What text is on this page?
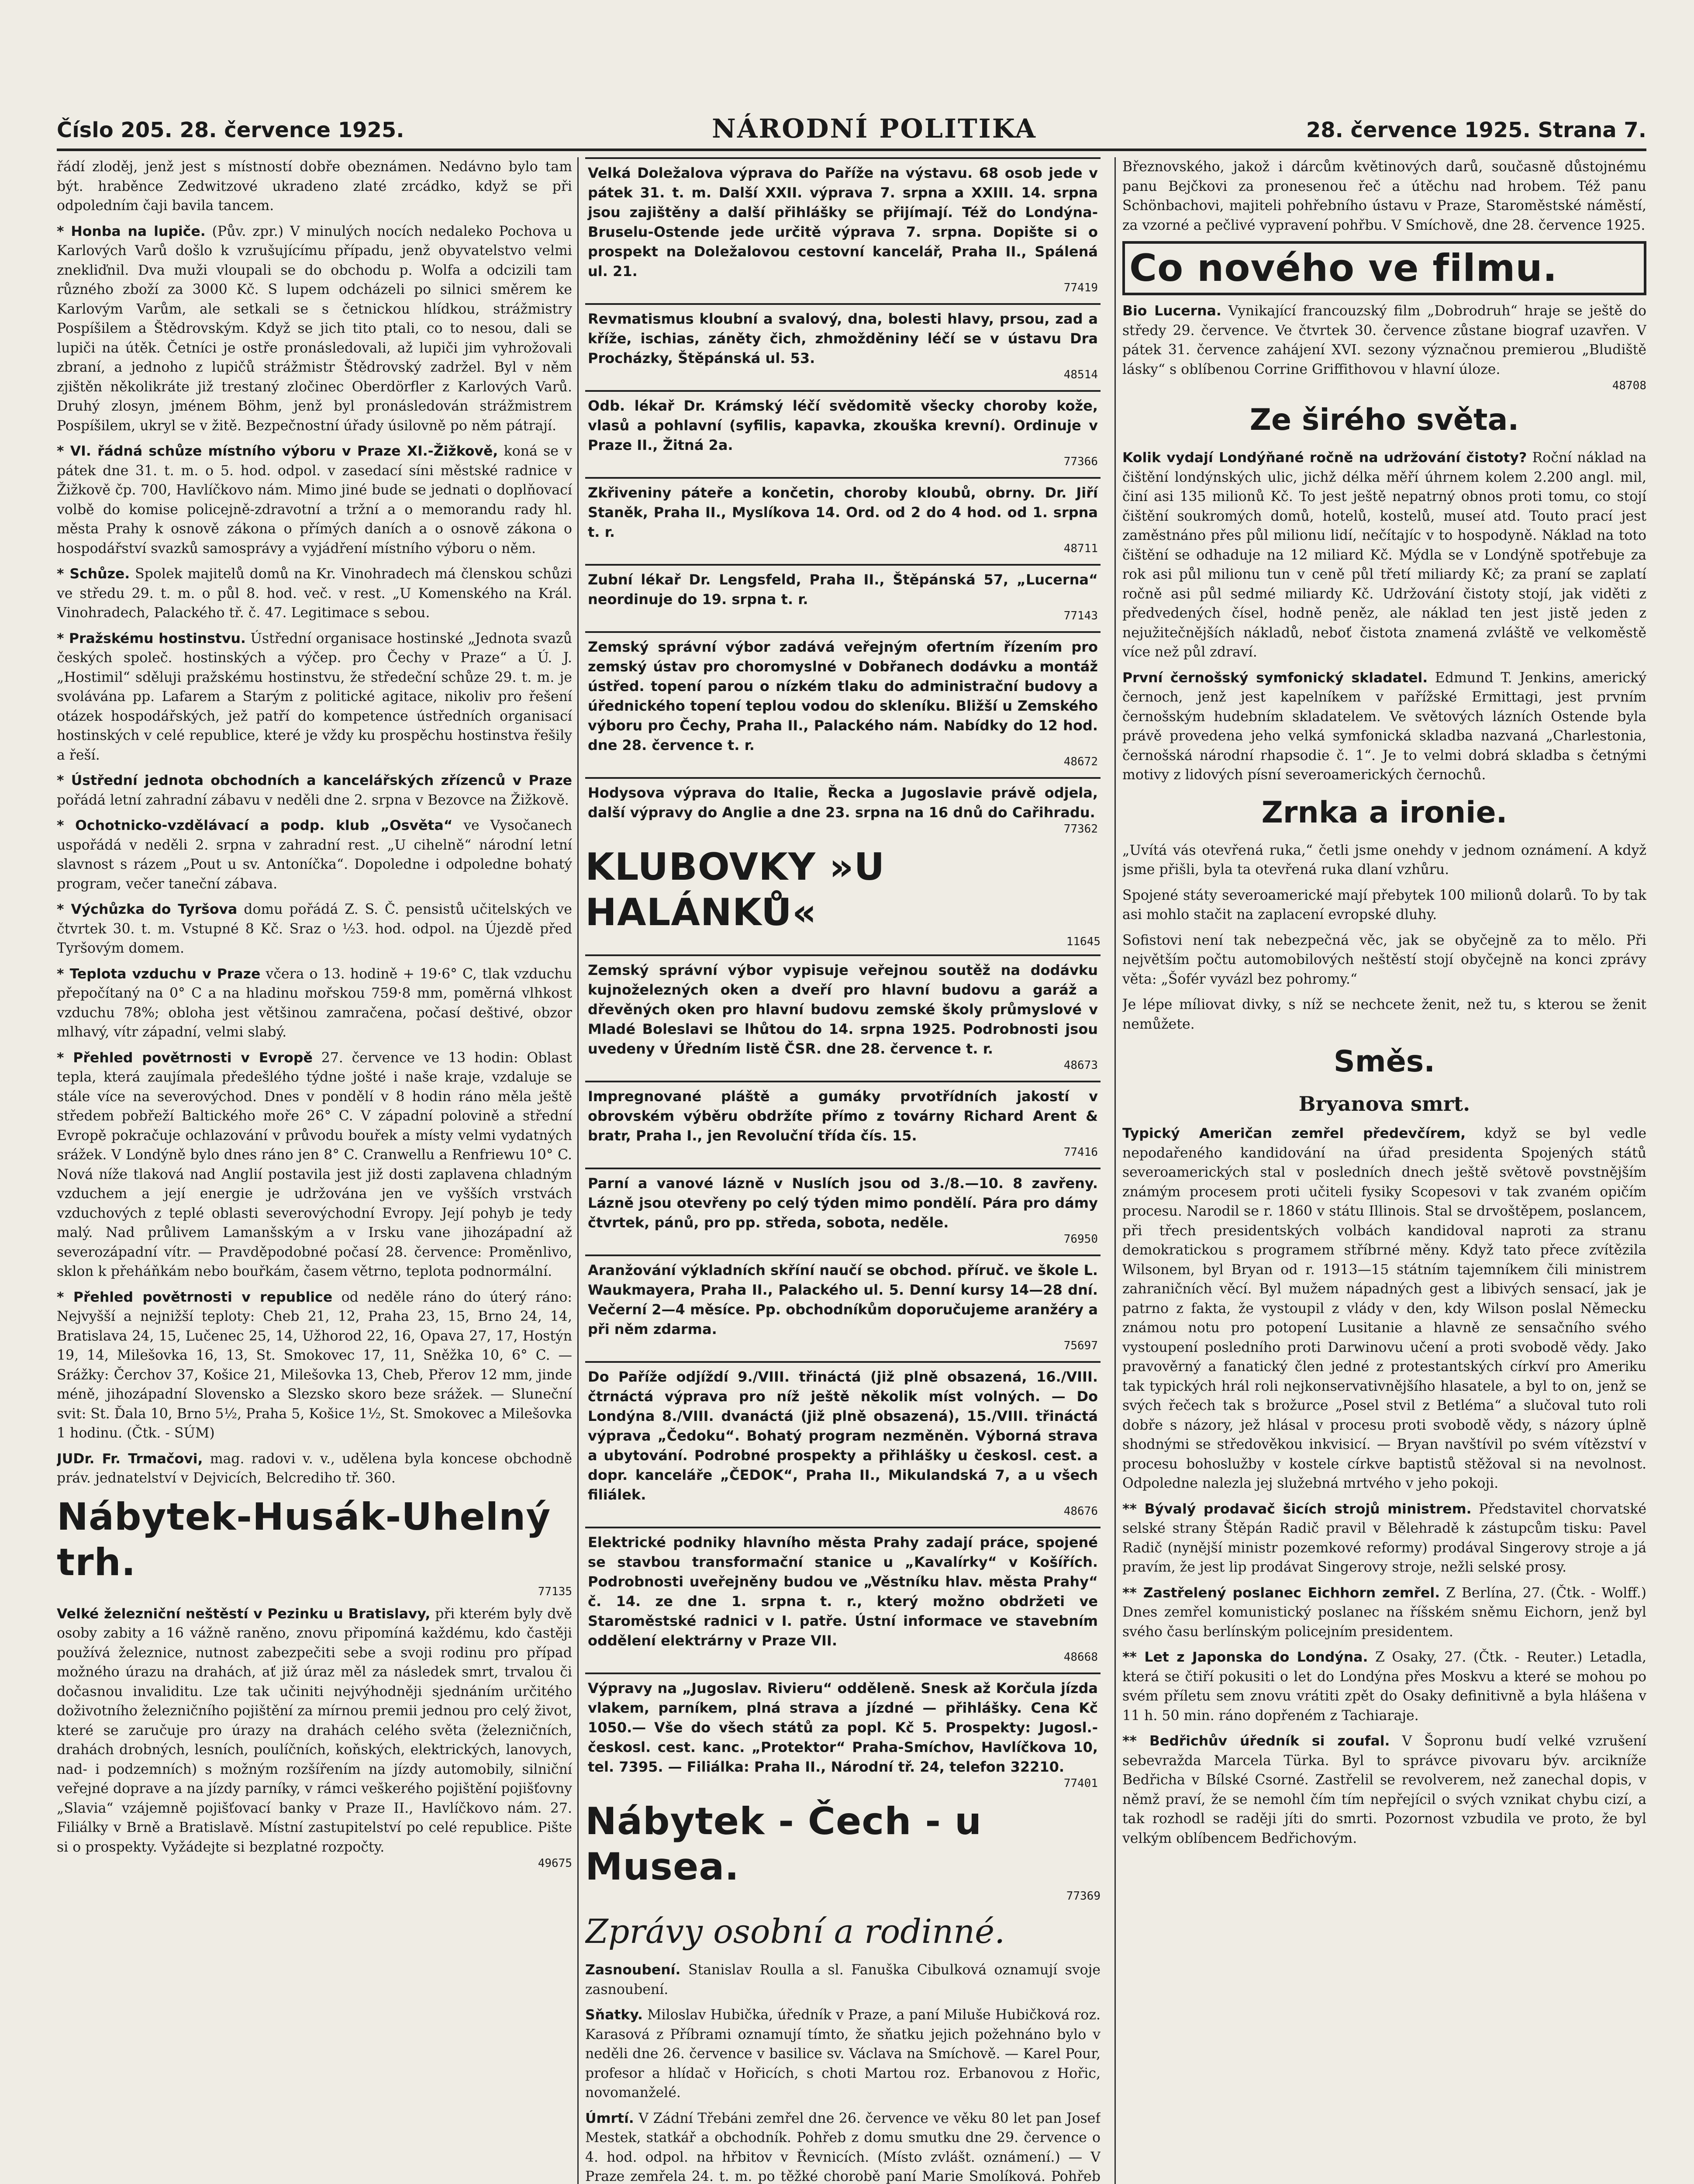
Číslo 205. 28. července 1925.	NÁRODNÍ POLITIKA	28. července 1925. Strana 7.

řádí zloděj, jenž jest s místností dobře obeznámen. Nedávno bylo tam být. hraběnce Zedwitzové ukradeno zlaté zrcádko, když se při odpoledním čaji bavila tancem.

* Honba na lupiče. (Pův. zpr.) V minulých nocích nedaleko Pochova u Karlových Varů došlo k vzrušujícímu případu, jenž obyvatelstvo velmi znekliďnil. Dva muži vloupali se do obchodu p. Wolfa a odcizili tam různého zboží za 3000 Kč. S lupem odcházeli po silnici směrem ke Karlovým Varům, ale setkali se s četnickou hlídkou, strážmistry Pospíšilem a Štědrovským. Když se jich tito ptali, co to nesou, dali se lupiči na útěk. Četníci je ostře pronásledovali, až lupiči jim vyhrožovali zbraní, a jednoho z lupičů strážmistr Štědrovský zadržel. Byl v něm zjištěn několikráte již trestaný zločinec Oberdörfler z Karlových Varů. Druhý zlosyn, jménem Böhm, jenž byl pronásledován strážmistrem Pospíšilem, ukryl se v žitě. Bezpečnostní úřady úsilovně po něm pátrají.

* VI. řádná schůze místního výboru v Praze XI.-Žižkově, koná se v pátek dne 31. t. m. o 5. hod. odpol. v zasedací síni městské radnice v Žižkově čp. 700, Havlíčkovo nám. Mimo jiné bude se jednati o doplňovací volbě do komise policejně-zdravotní a tržní a o memorandu rady hl. města Prahy k osnově zákona o přímých daních a o osnově zákona o hospodářství svazků samosprávy a vyjádření místního výboru o něm.

* Schůze. Spolek majitelů domů na Kr. Vinohradech má členskou schůzi ve středu 29. t. m. o půl 8. hod. več. v rest. „U Komenského na Král. Vinohradech, Palackého tř. č. 47. Legitimace s sebou.

* Pražskému hostinstvu. Ústřední organisace hostinské „Jednota svazů českých společ. hostinských a výčep. pro Čechy v Praze“ a Ú. J. „Hostimil“ sděluji pražskému hostinstvu, že středeční schůze 29. t. m. je svolávána pp. Lafarem a Starým z politické agitace, nikoliv pro řešení otázek hospodářských, jež patří do kompetence ústředních organisací hostinských v celé republice, které je vždy ku prospěchu hostinstva řešily a řeší.

* Ústřední jednota obchodních a kancelářských zřízenců v Praze pořádá letní zahradní zábavu v neděli dne 2. srpna v Bezovce na Žižkově.

* Ochotnicko-vzdělávací a podp. klub „Osvěta“ ve Vysočanech uspořádá v neděli 2. srpna v zahradní rest. „U cihelně“ národní letní slavnost s rázem „Pout u sv. Antoníčka“. Dopoledne i odpoledne bohatý program, večer taneční zábava.

* Výchůzka do Tyršova domu pořádá Z. S. Č. pensistů učitelských ve čtvrtek 30. t. m. Vstupné 8 Kč. Sraz o ½3. hod. odpol. na Újezdě před Tyršovým domem.

* Teplota vzduchu v Praze včera o 13. hodině + 19·6° C, tlak vzduchu přepočítaný na 0° C a na hladinu mořskou 759·8 mm, poměrná vlhkost vzduchu 78%; obloha jest většinou zamračena, počasí deštivé, obzor mlhavý, vítr západní, velmi slabý.

* Přehled povětrnosti v Evropě 27. července ve 13 hodin: Oblast tepla, která zaujímala předešlého týdne jošté i naše kraje, vzdaluje se stále více na severovýchod. Dnes v pondělí v 8 hodin ráno měla ještě středem pobřeží Baltického moře 26° C. V západní polovině a střední Evropě pokračuje ochlazování v průvodu bouřek a místy velmi vydatných srážek. V Londýně bylo dnes ráno jen 8° C. Cranwellu a Renfriewu 10° C. Nová níže tlaková nad Anglií postavila jest již dosti zaplavena chladným vzduchem a její energie je udržována jen ve vyšších vrstvách vzduchových z teplé oblasti severovýchodní Evropy. Její pohyb je tedy malý. Nad průlivem Lamanšským a v Irsku vane jihozápadní až severozápadní vítr. — Pravděpodobné počasí 28. července: Proměnlivo, sklon k přeháňkám nebo bouřkám, časem větrno, teplota podnormální.

* Přehled povětrnosti v republice od neděle ráno do úterý ráno: Nejvyšší a nejnižší teploty: Cheb 21, 12, Praha 23, 15, Brno 24, 14, Bratislava 24, 15, Lučenec 25, 14, Užhorod 22, 16, Opava 27, 17, Hostýn 19, 14, Milešovka 16, 13, St. Smokovec 17, 11, Sněžka 10, 6° C. — Srážky: Čerchov 37, Košice 21, Milešovka 13, Cheb, Přerov 12 mm, jinde méně, jihozápadní Slovensko a Slezsko skoro beze srážek. — Sluneční svit: St. Ďala 10, Brno 5½, Praha 5, Košice 1½, St. Smokovec a Milešovka 1 hodinu. (Čtk. - SÚM)

JUDr. Fr. Trmačovi, mag. radovi v. v., udělena byla koncese obchodně práv. jednatelství v Dejvicích, Belcrediho tř. 360.

Nábytek-Husák-Uhelný trh.
77135

Velké železniční neštěstí v Pezinku u Bratislavy, při kterém byly dvě osoby zabity a 16 vážně raněno, znovu připomíná každému, kdo častěji používá železnice, nutnost zabezpečiti sebe a svoji rodinu pro případ možného úrazu na drahách, ať již úraz měl za následek smrt, trvalou či dočasnou invaliditu. Lze tak učiniti nejvýhodněji sjednáním určitého doživotního železničního pojištění za mírnou premii jednou pro celý život, které se zaručuje pro úrazy na drahách celého světa (železničních, drahách drobných, lesních, poulíčních, koňských, elektrických, lanovych, nad- i podzemních) s možným rozšířením na jízdy automobily, silniční veřejné doprave a na jízdy parníky, v rámci veškerého pojištění pojišťovny „Slavia“ vzájemně pojišťovací banky v Praze II., Havlíčkovo nám. 27. Filiálky v Brně a Bratislavě. Místní zastupitelství po celé republice. Pište si o prospekty. Vyžádejte si bezplatné rozpočty.

49675

Velká Doležalova výprava do Paříže na výstavu. 68 osob jede v pátek 31. t. m. Další XXII. výprava 7. srpna a XXIII. 14. srpna jsou zajištěny a další přihlášky se přijímají. Též do Londýna-Bruselu-Ostende jede určitě výprava 7. srpna. Dopište si o prospekt na Doležalovou cestovní kancelář, Praha II., Spálená ul. 21.

77419

Revmatismus kloubní a svalový, dna, bolesti hlavy, prsou, zad a kříže, ischias, záněty čich, zhmožděniny léčí se v ústavu Dra Procházky, Štěpánská ul. 53.

48514

Odb. lékař Dr. Krámský léčí svědomitě všecky choroby kože, vlasů a pohlavní (syfilis, kapavka, zkouška krevní). Ordinuje v Praze II., Žitná 2a.

77366

Zkřiveniny páteře a končetin, choroby kloubů, obrny. Dr. Jiří Staněk, Praha II., Myslíkova 14. Ord. od 2 do 4 hod. od 1. srpna t. r.

48711

Zubní lékař Dr. Lengsfeld, Praha II., Štěpánská 57, „Lucerna“ neordinuje do 19. srpna t. r.

77143

Zemský správní výbor zadává veřejným ofertním řízením pro zemský ústav pro choromyslné v Dobřanech dodávku a montáž ústřed. topení parou o nízkém tlaku do administrační budovy a úřednického topení teplou vodou do skleníku. Bližší u Zemského výboru pro Čechy, Praha II., Palackého nám. Nabídky do 12 hod. dne 28. července t. r.

48672

Hodysova výprava do Italie, Řecka a Jugoslavie právě odjela, další výpravy do Anglie a dne 23. srpna na 16 dnů do Cařihradu.

77362
KLUBOVKY »U HALÁNKŮ«
11645

Zemský správní výbor vypisuje veřejnou soutěž na dodávku kujnoželezných oken a dveří pro hlavní budovu a garáž a dřevěných oken pro hlavní budovu zemské školy průmyslové v Mladé Boleslavi se lhůtou do 14. srpna 1925. Podrobnosti jsou uvedeny v Úředním listě ČSR. dne 28. července t. r.

48673

Impregnované pláště a gumáky prvotřídních jakostí v obrovském výběru obdržíte přímo z továrny Richard Arent & bratr, Praha I., jen Revoluční třída čís. 15.

77416

Parní a vanové lázně v Nuslích jsou od 3./8.—10. 8 zavřeny. Lázně jsou otevřeny po celý týden mimo pondělí. Pára pro dámy čtvrtek, pánů, pro pp. středa, sobota, neděle.

76950

Aranžování výkladních skříní naučí se obchod. příruč. ve škole L. Waukmayera, Praha II., Palackého ul. 5. Denní kursy 14—28 dní. Večerní 2—4 měsíce. Pp. obchodníkům doporučujeme aranžéry a při něm zdarma.

75697

Do Paříže odjíždí 9./VIII. třináctá (již plně obsazená, 16./VIII. čtrnáctá výprava pro níž ještě několik míst volných. — Do Londýna 8./VIII. dvanáctá (již plně obsazená), 15./VIII. třináctá výprava „Čedoku“. Bohatý program nezměněn. Výborná strava a ubytování. Podrobné prospekty a přihlášky u českosl. cest. a dopr. kanceláře „ČEDOK“, Praha II., Mikulandská 7, a u všech filiálek.

48676

Elektrické podniky hlavního města Prahy zadají práce, spojené se stavbou transformační stanice u „Kavalírky“ v Košířích. Podrobnosti uveřejněny budou ve „Věstníku hlav. města Prahy“ č. 14. ze dne 1. srpna t. r., který možno obdržeti ve Staroměstské radnici v I. patře. Ústní informace ve stavebním oddělení elektrárny v Praze VII.

48668

Výpravy na „Jugoslav. Rivieru“ odděleně. Snesk až Korčula jízda vlakem, parníkem, plná strava a jízdné — přihlášky. Cena Kč 1050.— Vše do všech států za popl. Kč 5. Prospekty: Jugosl.-českosl. cest. kanc. „Protektor“ Praha-Smíchov, Havlíčkova 10, tel. 7395. — Filiálka: Praha II., Národní tř. 24, telefon 32210.

77401
Nábytek - Čech - u Musea.
77369
Zprávy osobní a rodinné.

Zasnoubení. Stanislav Roulla a sl. Fanuška Cibulková oznamují svoje zasnoubení.

Sňatky. Miloslav Hubička, úředník v Praze, a paní Miluše Hubičková roz. Karasová z Příbrami oznamují tímto, že sňatku jejich požehnáno bylo v neděli dne 26. července v basilice sv. Václava na Smíchově. — Karel Pour, profesor a hlídač v Hořicích, s choti Martou roz. Erbanovou z Hořic, novomanželé.

Úmrtí. V Zádní Třebáni zemřel dne 26. července ve věku 80 let pan Josef Mestek, statkář a obchodník. Pohřeb z domu smutku dne 29. července o 4. hod. odpol. na hřbitov v Řevnicích. (Místo zvlášt. oznámení.) — V Praze zemřela 24. t. m. po těžké chorobě paní Marie Smolíková. Pohřeb

Březnovského, jakož i dárcům květinových darů, současně důstojnému panu Bejčkovi za pronesenou řeč a útěchu nad hrobem. Též panu Schönbachovi, majiteli pohřebního ústavu v Praze, Staroměstské náměstí, za vzorné a pečlivé vypravení pohřbu. V Smíchově, dne 28. července 1925.

Co nového ve filmu.

Bio Lucerna. Vynikající francouzský film „Dobrodruh“ hraje se ještě do středy 29. července. Ve čtvrtek 30. července zůstane biograf uzavřen. V pátek 31. července zahájení XVI. sezony význačnou premierou „Bludiště lásky“ s oblíbenou Corrine Griffithovou v hlavní úloze.

48708
Ze širého světa.

Kolik vydají Londýňané ročně na udržování čistoty? Roční náklad na čištění londýnských ulic, jichž délka měří úhrnem kolem 2.200 angl. mil, činí asi 135 milionů Kč. To jest ještě nepatrný obnos proti tomu, co stojí čištění soukromých domů, hotelů, kostelů, museí atd. Touto prací jest zaměstnáno přes půl milionu lidí, nečítajíc v to hospodyně. Náklad na toto čištění se odhaduje na 12 miliard Kč. Mýdla se v Londýně spotřebuje za rok asi půl milionu tun v ceně půl třetí miliardy Kč; za praní se zaplatí ročně asi půl sedmé miliardy Kč. Udržování čistoty stojí, jak viděti z předvedených čísel, hodně peněz, ale náklad ten jest jistě jeden z nejužitečnějších nákladů, neboť čistota znamená zvláště ve velkoměstě více než půl zdraví.

První černošský symfonický skladatel. Edmund T. Jenkins, americký černoch, jenž jest kapelníkem v pařížské Ermittagi, jest prvním černošským hudebním skladatelem. Ve světových lázních Ostende byla právě provedena jeho velká symfonická skladba nazvaná „Charlestonia, černošská národní rhapsodie č. 1“. Je to velmi dobrá skladba s četnými motivy z lidových písní severoamerických černochů.

Zrnka a ironie.

„Uvítá vás otevřená ruka,“ četli jsme onehdy v jednom oznámení. A když jsme přišli, byla ta otevřená ruka dlaní vzhůru.

Spojené státy severoamerické mají přebytek 100 milionů dolarů. To by tak asi mohlo stačit na zaplacení evropské dluhy.

Sofistovi není tak nebezpečná věc, jak se obyčejně za to mělo. Při největším počtu automobilových neštěstí stojí obyčejně na konci zprávy věta: „Šofér vyvázl bez pohromy.“

Je lépe míliovat divky, s níž se nechcete ženit, než tu, s kterou se ženit nemůžete.

Směs.
Bryanova smrt.

Typický Američan zemřel předevčírem, když se byl vedle nepodařeného kandidování na úřad presidenta Spojených států severoamerických stal v posledních dnech ještě světově povstnějším známým procesem proti učiteli fysiky Scopesovi v tak zvaném opičím procesu. Narodil se r. 1860 v státu Illinois. Stal se drvoštěpem, poslancem, při třech presidentských volbách kandidoval naproti za stranu demokratickou s programem stříbrné měny. Když tato přece zvítězila Wilsonem, byl Bryan od r. 1913—15 státním tajemníkem čili ministrem zahraničních věcí. Byl mužem nápadných gest a libivých sensací, jak je patrno z fakta, že vystoupil z vlády v den, kdy Wilson poslal Německu známou notu pro potopení Lusitanie a hlavně ze sensačního svého vystoupení posledního proti Darwinovu učení a proti svobodě vědy. Jako pravověrný a fanatický člen jedné z protestantských církví pro Ameriku tak typických hrál roli nejkonservativnějšího hlasatele, a byl to on, jenž se svých řečech tak s brožurce „Posel stvil z Betléma“ a slučoval tuto roli dobře s názory, jež hlásal v procesu proti svobodě vědy, s názory úplně shodnými se středověkou inkvisicí. — Bryan navštívil po svém vítězství v procesu bohoslužby v kostele církve baptistů stěžoval si na nevolnost. Odpoledne nalezla jej služebná mrtvého v jeho pokoji.

** Bývalý prodavač šicích strojů ministrem. Představitel chorvatské selské strany Štěpán Radič pravil v Bělehradě k zástupcům tisku: Pavel Radič (nynější ministr pozemkové reformy) prodával Singerovy stroje a já pravím, že jest lip prodávat Singerovy stroje, nežli selské prosy.

** Zastřelený poslanec Eichhorn zemřel. Z Berlína, 27. (Čtk. - Wolff.) Dnes zemřel komunistický poslanec na říšském sněmu Eichorn, jenž byl svého času berlínským policejním presidentem.

** Let z Japonska do Londýna. Z Osaky, 27. (Čtk. - Reuter.) Letadla, která se čtiří pokusiti o let do Londýna přes Moskvu a které se mohou po svém příletu sem znovu vrátiti zpět do Osaky definitivně a byla hlášena v 11 h. 50 min. ráno dopřeném z Tachiaraje.

** Bedřichův úředník si zoufal. V Šopronu budí velké vzrušení sebevražda Marcela Türka. Byl to správce pivovaru býv. arcikníže Bedřicha v Bílské Csorné. Zastřelil se revolverem, než zanechal dopis, v němž praví, že se nemohl čím tím nepřejícil o svých vznikat chybu cizí, a tak rozhodl se raději jíti do smrti. Pozornost vzbudila ve proto, že byl velkým oblíbencem Bedřichovým.
